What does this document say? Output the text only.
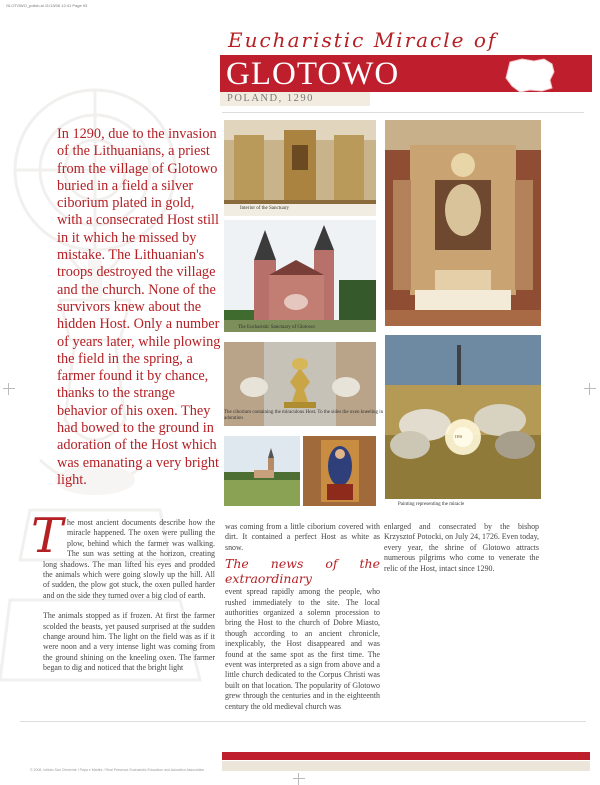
GLOTOWO_polish.ai 11/13/06 12:41 Page 93
Eucharistic Miracle of
GLOTOWO
POLAND, 1290
In 1290, due to the invasion of the Lithuanians, a priest from the village of Glotowo buried in a field a silver ciborium plated in gold, with a consecrated Host still in it which he missed by mistake. The Lithuanian's troops destroyed the village and the church. None of the survivors knew about the hidden Host. Only a number of years later, while plowing the field in the spring, a farmer found it by chance, thanks to the strange behavior of his oxen. They had bowed to the ground in adoration of the Host which was emanating a very bright light.
Interior of the Sanctuary
The Eucharistic Sanctuary of Glotowo
The ciborium containing the miraculous Host. To the sides the oxen kneeling in adoration
IHS
Painting representing the miracle
T he most ancient documents describe how the miracle happened. The oxen were pulling the plow, behind which the farmer was walking. The sun was setting at the horizon, creating long shadows. The man lifted his eyes and prodded the animals which were going slowly up the hill. All of sudden, the plow got stuck, the oxen pulled harder and on the side they turned over a big clod of earth.

The animals stopped as if frozen. At first the farmer scolded the beasts, yet paused surprised at the sudden change around him. The light on the field was as if it were noon and a very intense light was coming from the ground shining on the kneeling oxen. The farmer began to dig and noticed that the bright light

was coming from a little ciborium covered with dirt. It contained a perfect Host as white as snow.

The news of the extraordinary

event spread rapidly among the people, who rushed immediately to the site. The local authorities organized a solemn procession to bring the Host to the church of Dobre Miasto, though according to an ancient chronicle, inexplicably, the Host disappeared and was found at the same spot as the first time. The event was interpreted as a sign from above and a little church dedicated to the Corpus Christi was built on that location. The popularity of Glotowo grew through the centuries and in the eighteenth century the old medieval church was

enlarged and consecrated by the bishop Krzysztof Potocki, on July 24, 1726. Even today, every year, the shrine of Glotowo attracts numerous pilgrims who come to venerate the relic of the Host, intact since 1290.

© 2006, Istituto San Clemente I Papa e Martire / Real Presence Eucharistic Education and Adoration Association
